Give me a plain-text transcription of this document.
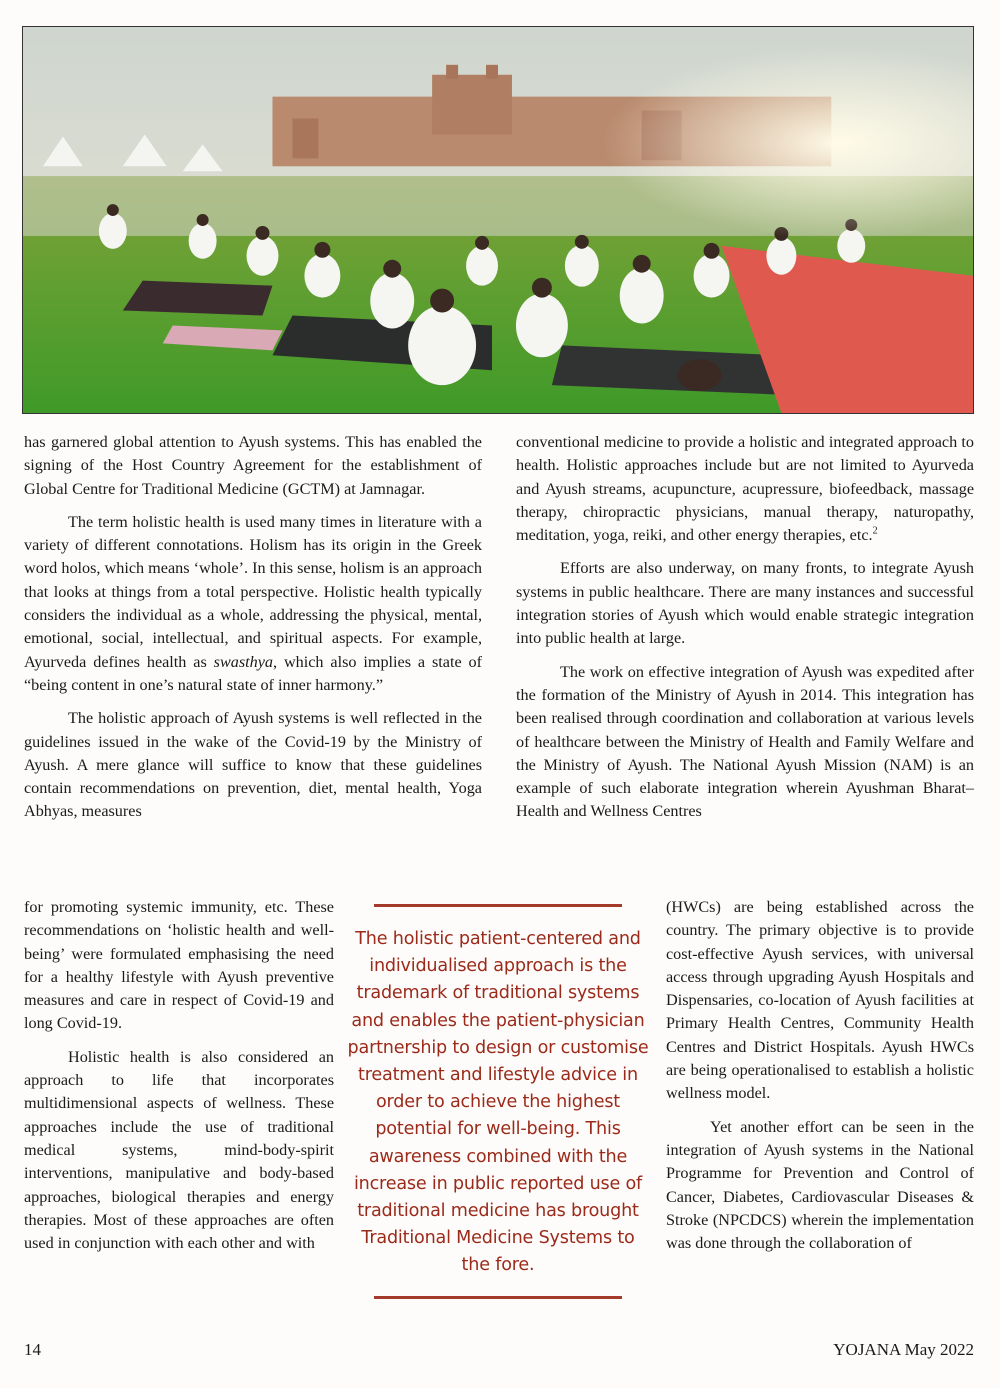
has garnered global attention to Ayush systems. This has enabled the signing of the Host Country Agreement for the establishment of Global Centre for Traditional Medicine (GCTM) at Jamnagar.

The term holistic health is used many times in literature with a variety of different connotations. Holism has its origin in the Greek word holos, which means ‘whole’. In this sense, holism is an approach that looks at things from a total perspective. Holistic health typically considers the individual as a whole, addressing the physical, mental, emotional, social, intellectual, and spiritual aspects. For example, Ayurveda defines health as swasthya, which also implies a state of “being content in one’s natural state of inner harmony.”

The holistic approach of Ayush systems is well reflected in the guidelines issued in the wake of the Covid-19 by the Ministry of Ayush. A mere glance will suffice to know that these guidelines contain recommendations on prevention, diet, mental health, Yoga Abhyas, measures

for promoting systemic immunity, etc. These recommendations on ‘holistic health and well-being’ were formulated emphasising the need for a healthy lifestyle with Ayush preventive measures and care in respect of Covid-19 and long Covid-19.

Holistic health is also considered an approach to life that incorporates multidimensional aspects of wellness. These approaches include the use of traditional medical systems, mind-body-spirit interventions, manipulative and body-based approaches, biological therapies and energy therapies. Most of these approaches are often used in conjunction with each other and with

conventional medicine to provide a holistic and integrated approach to health. Holistic approaches include but are not limited to Ayurveda and Ayush streams, acupuncture, acupressure, biofeedback, massage therapy, chiropractic physicians, manual therapy, naturopathy, meditation, yoga, reiki, and other energy therapies, etc.$^2$

Efforts are also underway, on many fronts, to integrate Ayush systems in public healthcare. There are many instances and successful integration stories of Ayush which would enable strategic integration into public health at large.

The work on effective integration of Ayush was expedited after the formation of the Ministry of Ayush in 2014. This integration has been realised through coordination and collaboration at various levels of healthcare between the Ministry of Health and Family Welfare and the Ministry of Ayush. The National Ayush Mission (NAM) is an example of such elaborate integration wherein Ayushman Bharat– Health and Wellness Centres

(HWCs) are being established across the country. The primary objective is to provide cost-effective Ayush services, with universal access through upgrading Ayush Hospitals and Dispensaries, co-location of Ayush facilities at Primary Health Centres, Community Health Centres and District Hospitals. Ayush HWCs are being operationalised to establish a holistic wellness model.

Yet another effort can be seen in the integration of Ayush systems in the National Programme for Prevention and Control of Cancer, Diabetes, Cardiovascular Diseases & Stroke (NPCDCS) wherein the implementation was done through the collaboration of

The holistic patient-centered and individualised approach is the trademark of traditional systems and enables the patient-physician partnership to design or customise treatment and lifestyle advice in order to achieve the highest potential for well-being. This awareness combined with the increase in public reported use of traditional medicine has brought Traditional Medicine Systems to the fore.
14	YOJANA May 2022
